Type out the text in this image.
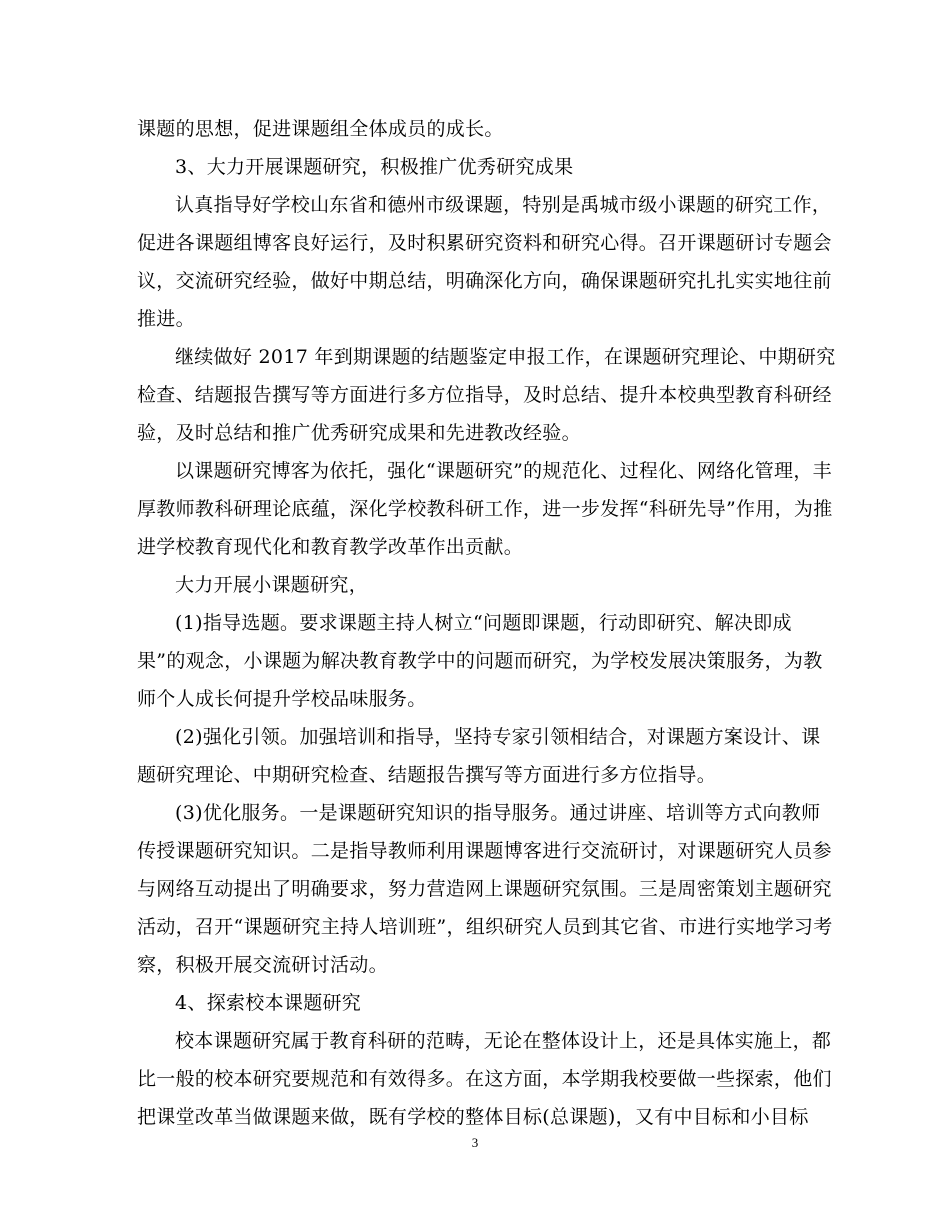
课题的思想，促进课题组全体成员的成长。
3、大力开展课题研究，积极推广优秀研究成果
认真指导好学校山东省和德州市级课题，特别是禹城市级小课题的研究工作，
促进各课题组博客良好运行，及时积累研究资料和研究心得。召开课题研讨专题会
议，交流研究经验，做好中期总结，明确深化方向，确保课题研究扎扎实实地往前
推进。
继续做好 2017 年到期课题的结题鉴定申报工作，在课题研究理论、中期研究
检查、结题报告撰写等方面进行多方位指导，及时总结、提升本校典型教育科研经
验，及时总结和推广优秀研究成果和先进教改经验。
以课题研究博客为依托，强化“课题研究”的规范化、过程化、网络化管理，丰
厚教师教科研理论底蕴，深化学校教科研工作，进一步发挥“科研先导”作用，为推
进学校教育现代化和教育教学改革作出贡献。
大力开展小课题研究，
(1)指导选题。要求课题主持人树立“问题即课题，行动即研究、解决即成
果”的观念，小课题为解决教育教学中的问题而研究，为学校发展决策服务，为教
师个人成长何提升学校品味服务。
(2)强化引领。加强培训和指导，坚持专家引领相结合，对课题方案设计、课
题研究理论、中期研究检查、结题报告撰写等方面进行多方位指导。
(3)优化服务。一是课题研究知识的指导服务。通过讲座、培训等方式向教师
传授课题研究知识。二是指导教师利用课题博客进行交流研讨，对课题研究人员参
与网络互动提出了明确要求，努力营造网上课题研究氛围。三是周密策划主题研究
活动，召开“课题研究主持人培训班”，组织研究人员到其它省、市进行实地学习考
察，积极开展交流研讨活动。
4、探索校本课题研究
校本课题研究属于教育科研的范畴，无论在整体设计上，还是具体实施上，都
比一般的校本研究要规范和有效得多。在这方面，本学期我校要做一些探索，他们
把课堂改革当做课题来做，既有学校的整体目标(总课题)，又有中目标和小目标
3
